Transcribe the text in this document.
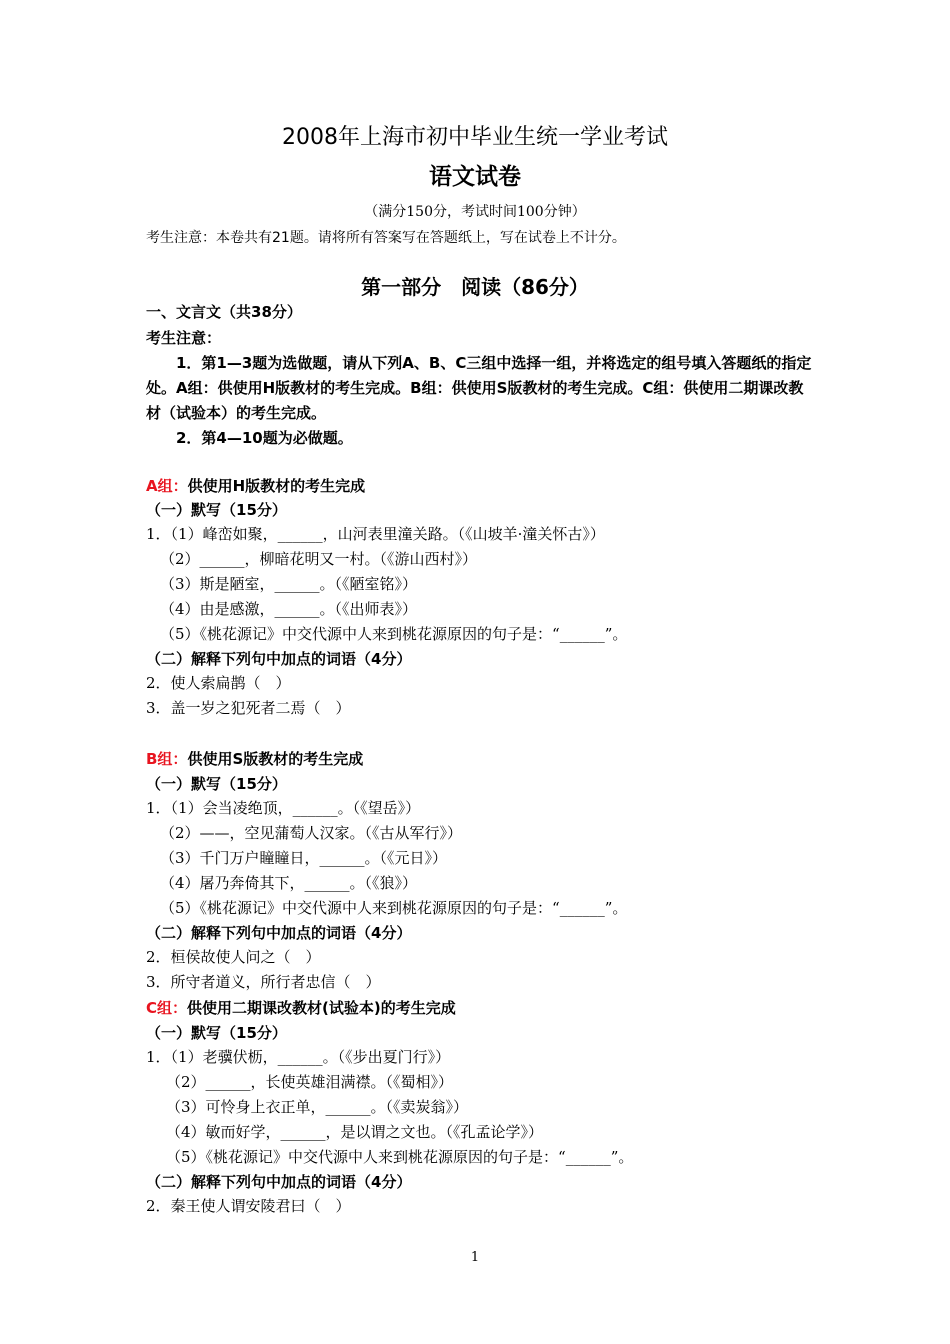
2008年上海市初中毕业生统一学业考试
语文试卷
（满分150分，考试时间100分钟）
考生注意：本卷共有21题。请将所有答案写在答题纸上，写在试卷上不计分。
第一部分　阅读（86分）
一、文言文（共38分）
考生注意：
1．第1—3题为选做题，请从下列A、B、C三组中选择一组，并将选定的组号填入答题纸的指定处。A组：供使用H版教材的考生完成。B组：供使用S版教材的考生完成。C组：供使用二期课改教材（试验本）的考生完成。
2．第4—10题为必做题。
A组：供使用H版教材的考生完成
（一）默写（15分）
1．（1）峰峦如聚，______，山河表里潼关路。（《山坡羊·潼关怀古》）
（2）______，柳暗花明又一村。（《游山西村》）
（3）斯是陋室，______。（《陋室铭》）
（4）由是感激，______。（《出师表》）
（5）《桃花源记》中交代源中人来到桃花源原因的句子是：“______”。
（二）解释下列句中加点的词语（4分）
2．使人索扁鹊（　）
3．盖一岁之犯死者二焉（　）
B组：供使用S版教材的考生完成
（一）默写（15分）
1．（1）会当凌绝顶，______。（《望岳》）
（2）——，空见蒲萄人汉家。（《古从军行》）
（3）千门万户瞳瞳日，______。（《元日》）
（4）屠乃奔倚其下，______。（《狼》）
（5）《桃花源记》中交代源中人来到桃花源原因的句子是：“______”。
（二）解释下列句中加点的词语（4分）
2．桓侯故使人问之（　）
3．所守者道义，所行者忠信（　）
C组：供使用二期课改教材(试验本)的考生完成
（一）默写（15分）
1．（1）老骥伏枥，______。（《步出夏门行》）
（2）______，长使英雄泪满襟。（《蜀相》）
（3）可怜身上衣正单，______。（《卖炭翁》）
（4）敏而好学，______，是以谓之文也。（《孔孟论学》）
（5）《桃花源记》中交代源中人来到桃花源原因的句子是：“______”。
（二）解释下列句中加点的词语（4分）
2．秦王使人谓安陵君曰（　）
1
